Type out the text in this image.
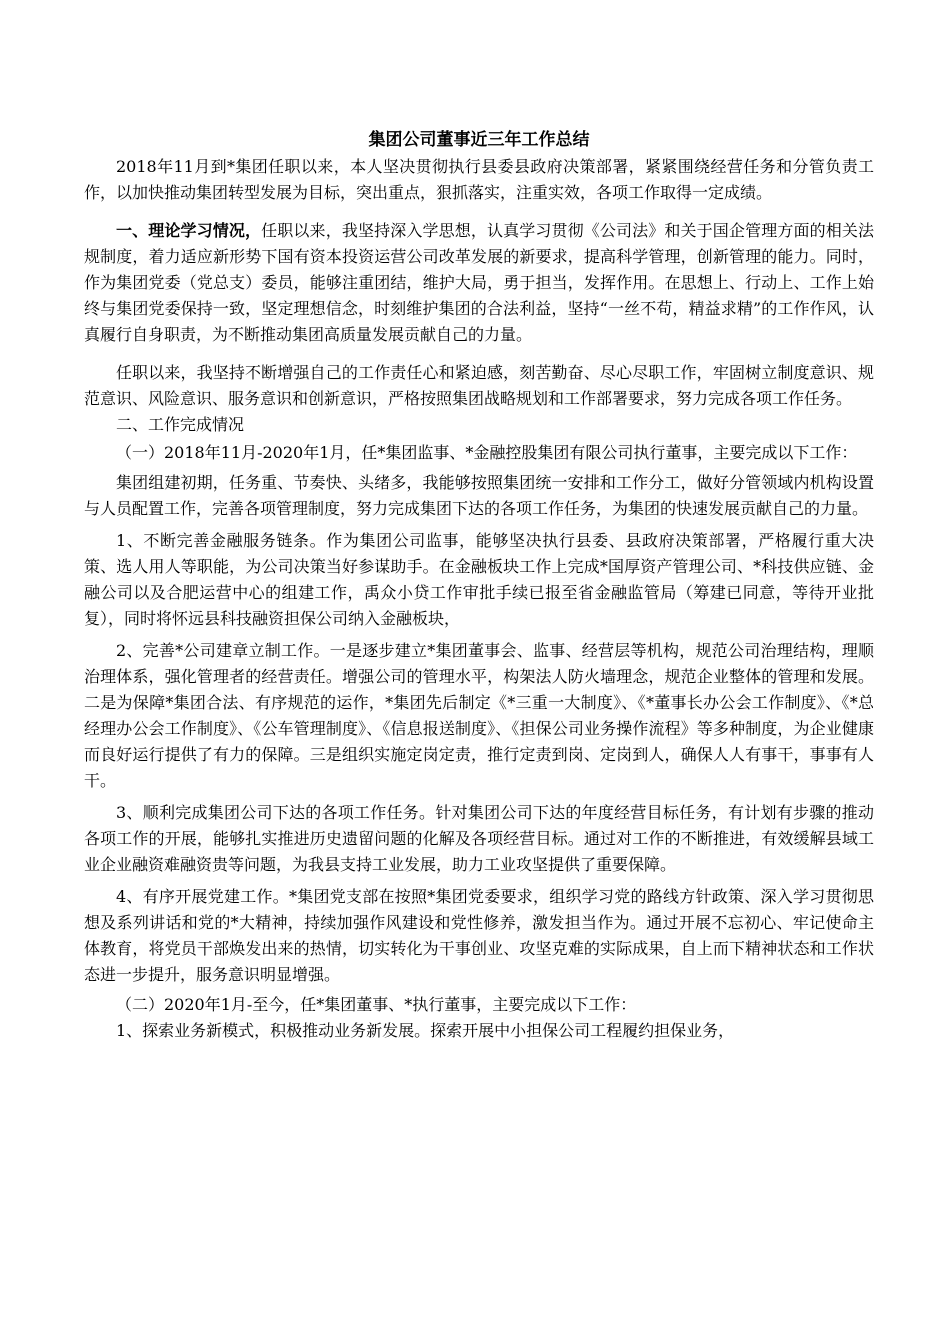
集团公司董事近三年工作总结

2018年11月到*集团任职以来，本人坚决贯彻执行县委县政府决策部署，紧紧围绕经营任务和分管负责工作，以加快推动集团转型发展为目标，突出重点，狠抓落实，注重实效，各项工作取得一定成绩。

一、理论学习情况，任职以来，我坚持深入学思想，认真学习贯彻《公司法》和关于国企管理方面的相关法规制度，着力适应新形势下国有资本投资运营公司改革发展的新要求，提高科学管理，创新管理的能力。同时，作为集团党委（党总支）委员，能够注重团结，维护大局，勇于担当，发挥作用。在思想上、行动上、工作上始终与集团党委保持一致，坚定理想信念，时刻维护集团的合法利益，坚持“一丝不苟，精益求精”的工作作风，认真履行自身职责，为不断推动集团高质量发展贡献自己的力量。

任职以来，我坚持不断增强自己的工作责任心和紧迫感，刻苦勤奋、尽心尽职工作，牢固树立制度意识、规范意识、风险意识、服务意识和创新意识，严格按照集团战略规划和工作部署要求，努力完成各项工作任务。

二、工作完成情况

（一）2018年11月-2020年1月，任*集团监事、*金融控股集团有限公司执行董事，主要完成以下工作：

集团组建初期，任务重、节奏快、头绪多，我能够按照集团统一安排和工作分工，做好分管领域内机构设置与人员配置工作，完善各项管理制度，努力完成集团下达的各项工作任务，为集团的快速发展贡献自己的力量。

1、不断完善金融服务链条。作为集团公司监事，能够坚决执行县委、县政府决策部署，严格履行重大决策、选人用人等职能，为公司决策当好参谋助手。在金融板块工作上完成*国厚资产管理公司、*科技供应链、金融公司以及合肥运营中心的组建工作，禹众小贷工作审批手续已报至省金融监管局（筹建已同意，等待开业批复），同时将怀远县科技融资担保公司纳入金融板块，

2、完善*公司建章立制工作。一是逐步建立*集团董事会、监事、经营层等机构，规范公司治理结构，理顺治理体系，强化管理者的经营责任。增强公司的管理水平，构架法人防火墙理念，规范企业整体的管理和发展。二是为保障*集团合法、有序规范的运作，*集团先后制定《*三重一大制度》、《*董事长办公会工作制度》、《*总经理办公会工作制度》、《公车管理制度》、《信息报送制度》、《担保公司业务操作流程》等多种制度，为企业健康而良好运行提供了有力的保障。三是组织实施定岗定责，推行定责到岗、定岗到人，确保人人有事干，事事有人干。

3、顺利完成集团公司下达的各项工作任务。针对集团公司下达的年度经营目标任务，有计划有步骤的推动各项工作的开展，能够扎实推进历史遗留问题的化解及各项经营目标。通过对工作的不断推进，有效缓解县域工业企业融资难融资贵等问题，为我县支持工业发展，助力工业攻坚提供了重要保障。

4、有序开展党建工作。*集团党支部在按照*集团党委要求，组织学习党的路线方针政策、深入学习贯彻思想及系列讲话和党的*大精神，持续加强作风建设和党性修养，激发担当作为。通过开展不忘初心、牢记使命主体教育，将党员干部焕发出来的热情，切实转化为干事创业、攻坚克难的实际成果，自上而下精神状态和工作状态进一步提升，服务意识明显增强。

（二）2020年1月-至今，任*集团董事、*执行董事，主要完成以下工作：

1、探索业务新模式，积极推动业务新发展。探索开展中小担保公司工程履约担保业务，
